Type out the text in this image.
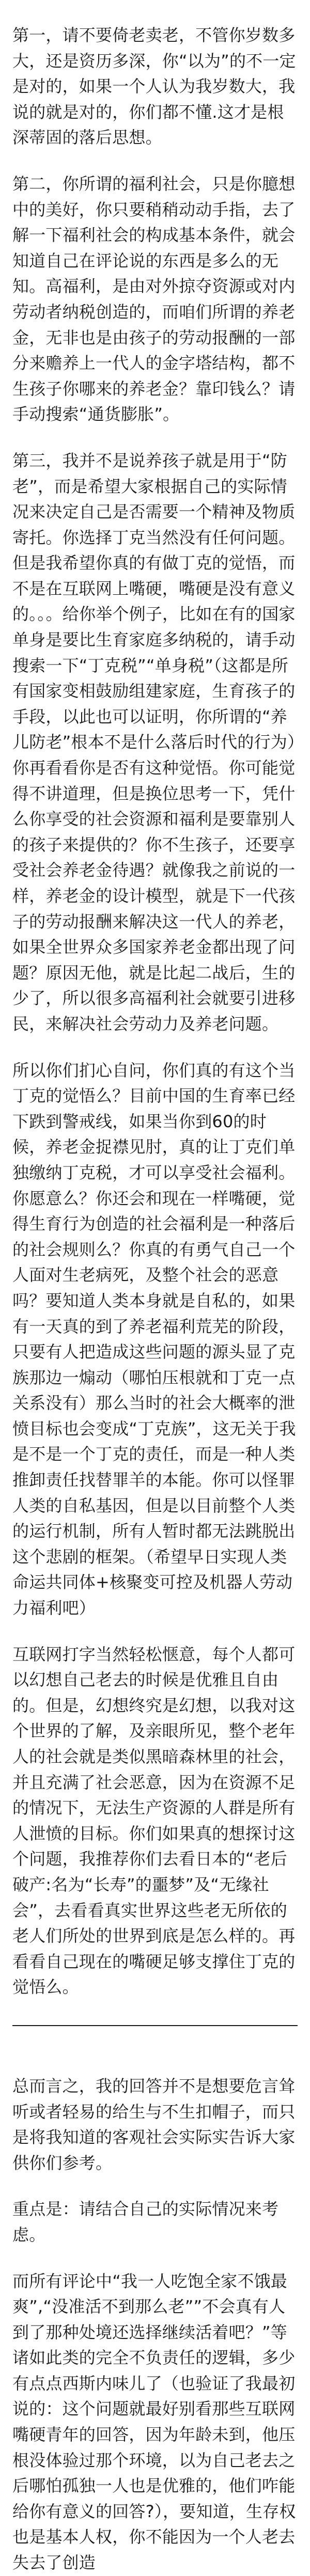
第一，请不要倚老卖老，不管你岁数多大，还是资历多深，你“以为”的不一定是对的，如果一个人认为我岁数大，我说的就是对的，你们都不懂.这才是根深蒂固的落后思想。

第二，你所谓的福利社会，只是你臆想中的美好，你只要稍稍动动手指，去了解一下福利社会的构成基本条件，就会知道自己在评论说的东西是多么的无知。高福利，是由对外掠夺资源或对内劳动者纳税创造的，而咱们所谓的养老金，无非也是由孩子的劳动报酬的一部分来赡养上一代人的金字塔结构，都不生孩子你哪来的养老金？靠印钱么？请手动搜索“通货膨胀”。

第三，我并不是说养孩子就是用于“防老”，而是希望大家根据自己的实际情况来决定自己是否需要一个精神及物质寄托。你选择丁克当然没有任何问题。但是我希望你真的有做丁克的觉悟，而不是在互联网上嘴硬，嘴硬是没有意义的。。。给你举个例子，比如在有的国家单身是要比生育家庭多纳税的，请手动搜索一下“丁克税”“单身税”（这都是所有国家变相鼓励组建家庭，生育孩子的手段，以此也可以证明，你所谓的“养儿防老”根本不是什么落后时代的行为）你再看看你是否有这种觉悟。你可能觉得不讲道理，但是换位思考一下，凭什么你享受的社会资源和福利是要靠别人的孩子来提供的？你不生孩子，还要享受社会养老金待遇？就像我之前说的一样，养老金的设计模型，就是下一代孩子的劳动报酬来解决这一代人的养老，如果全世界众多国家养老金都出现了问题？原因无他，就是比起二战后，生的少了，所以很多高福利社会就要引进移民，来解决社会劳动力及养老问题。

所以你们扪心自问，你们真的有这个当丁克的觉悟么？目前中国的生育率已经下跌到警戒线，如果当你到60的时候，养老金捉襟见肘，真的让丁克们单独缴纳丁克税，才可以享受社会福利。你愿意么？你还会和现在一样嘴硬，觉得生育行为创造的社会福利是一种落后的社会规则么？你真的有勇气自己一个人面对生老病死，及整个社会的恶意吗？要知道人类本身就是自私的，如果有一天真的到了养老福利荒芜的阶段，只要有人把造成这些问题的源头显了克族那边一煽动（哪怕压根就和丁克一点关系没有）那么当时的社会大概率的泄愤目标也会变成“丁克族”，这无关于我是不是一个丁克的责任，而是一种人类推卸责任找替罪羊的本能。你可以怪罪人类的自私基因，但是以目前整个人类的运行机制，所有人暂时都无法跳脱出这个悲剧的框架。（希望早日实现人类命运共同体+核聚变可控及机器人劳动力福利吧）

互联网打字当然轻松惬意，每个人都可以幻想自己老去的时候是优雅且自由的。但是，幻想终究是幻想，以我对这个世界的了解，及亲眼所见，整个老年人的社会就是类似黑暗森林里的社会，并且充满了社会恶意，因为在资源不足的情况下，无法生产资源的人群是所有人泄愤的目标。你们如果真的想探讨这个问题，我推荐你们去看日本的“老后破产:名为“长寿”的噩梦”及“无缘社会”，去看看真实世界这些老无所依的老人们所处的世界到底是怎么样的。再看看自己现在的嘴硬足够支撑住丁克的觉悟么。

总而言之，我的回答并不是想要危言耸听或者轻易的给生与不生扣帽子，而只是将我知道的客观社会实际实告诉大家供你们参考。

重点是：请结合自己的实际情况来考虑。

而所有评论中“我一人吃饱全家不饿最爽”,“没准活不到那么老””不会真有人到了那种处境还选择继续活着吧？”等诸如此类的完全不负责任的逻辑，多少有点点西斯内味儿了（也验证了我最初说的：这个问题就最好别看那些互联网嘴硬青年的回答，因为年龄未到，他压根没体验过那个环境，以为自己老去之后哪怕孤独一人也是优雅的，他们咋能给你有意义的回答?），要知道，生存权也是基本人权，你不能因为一个人老去失去了创造
